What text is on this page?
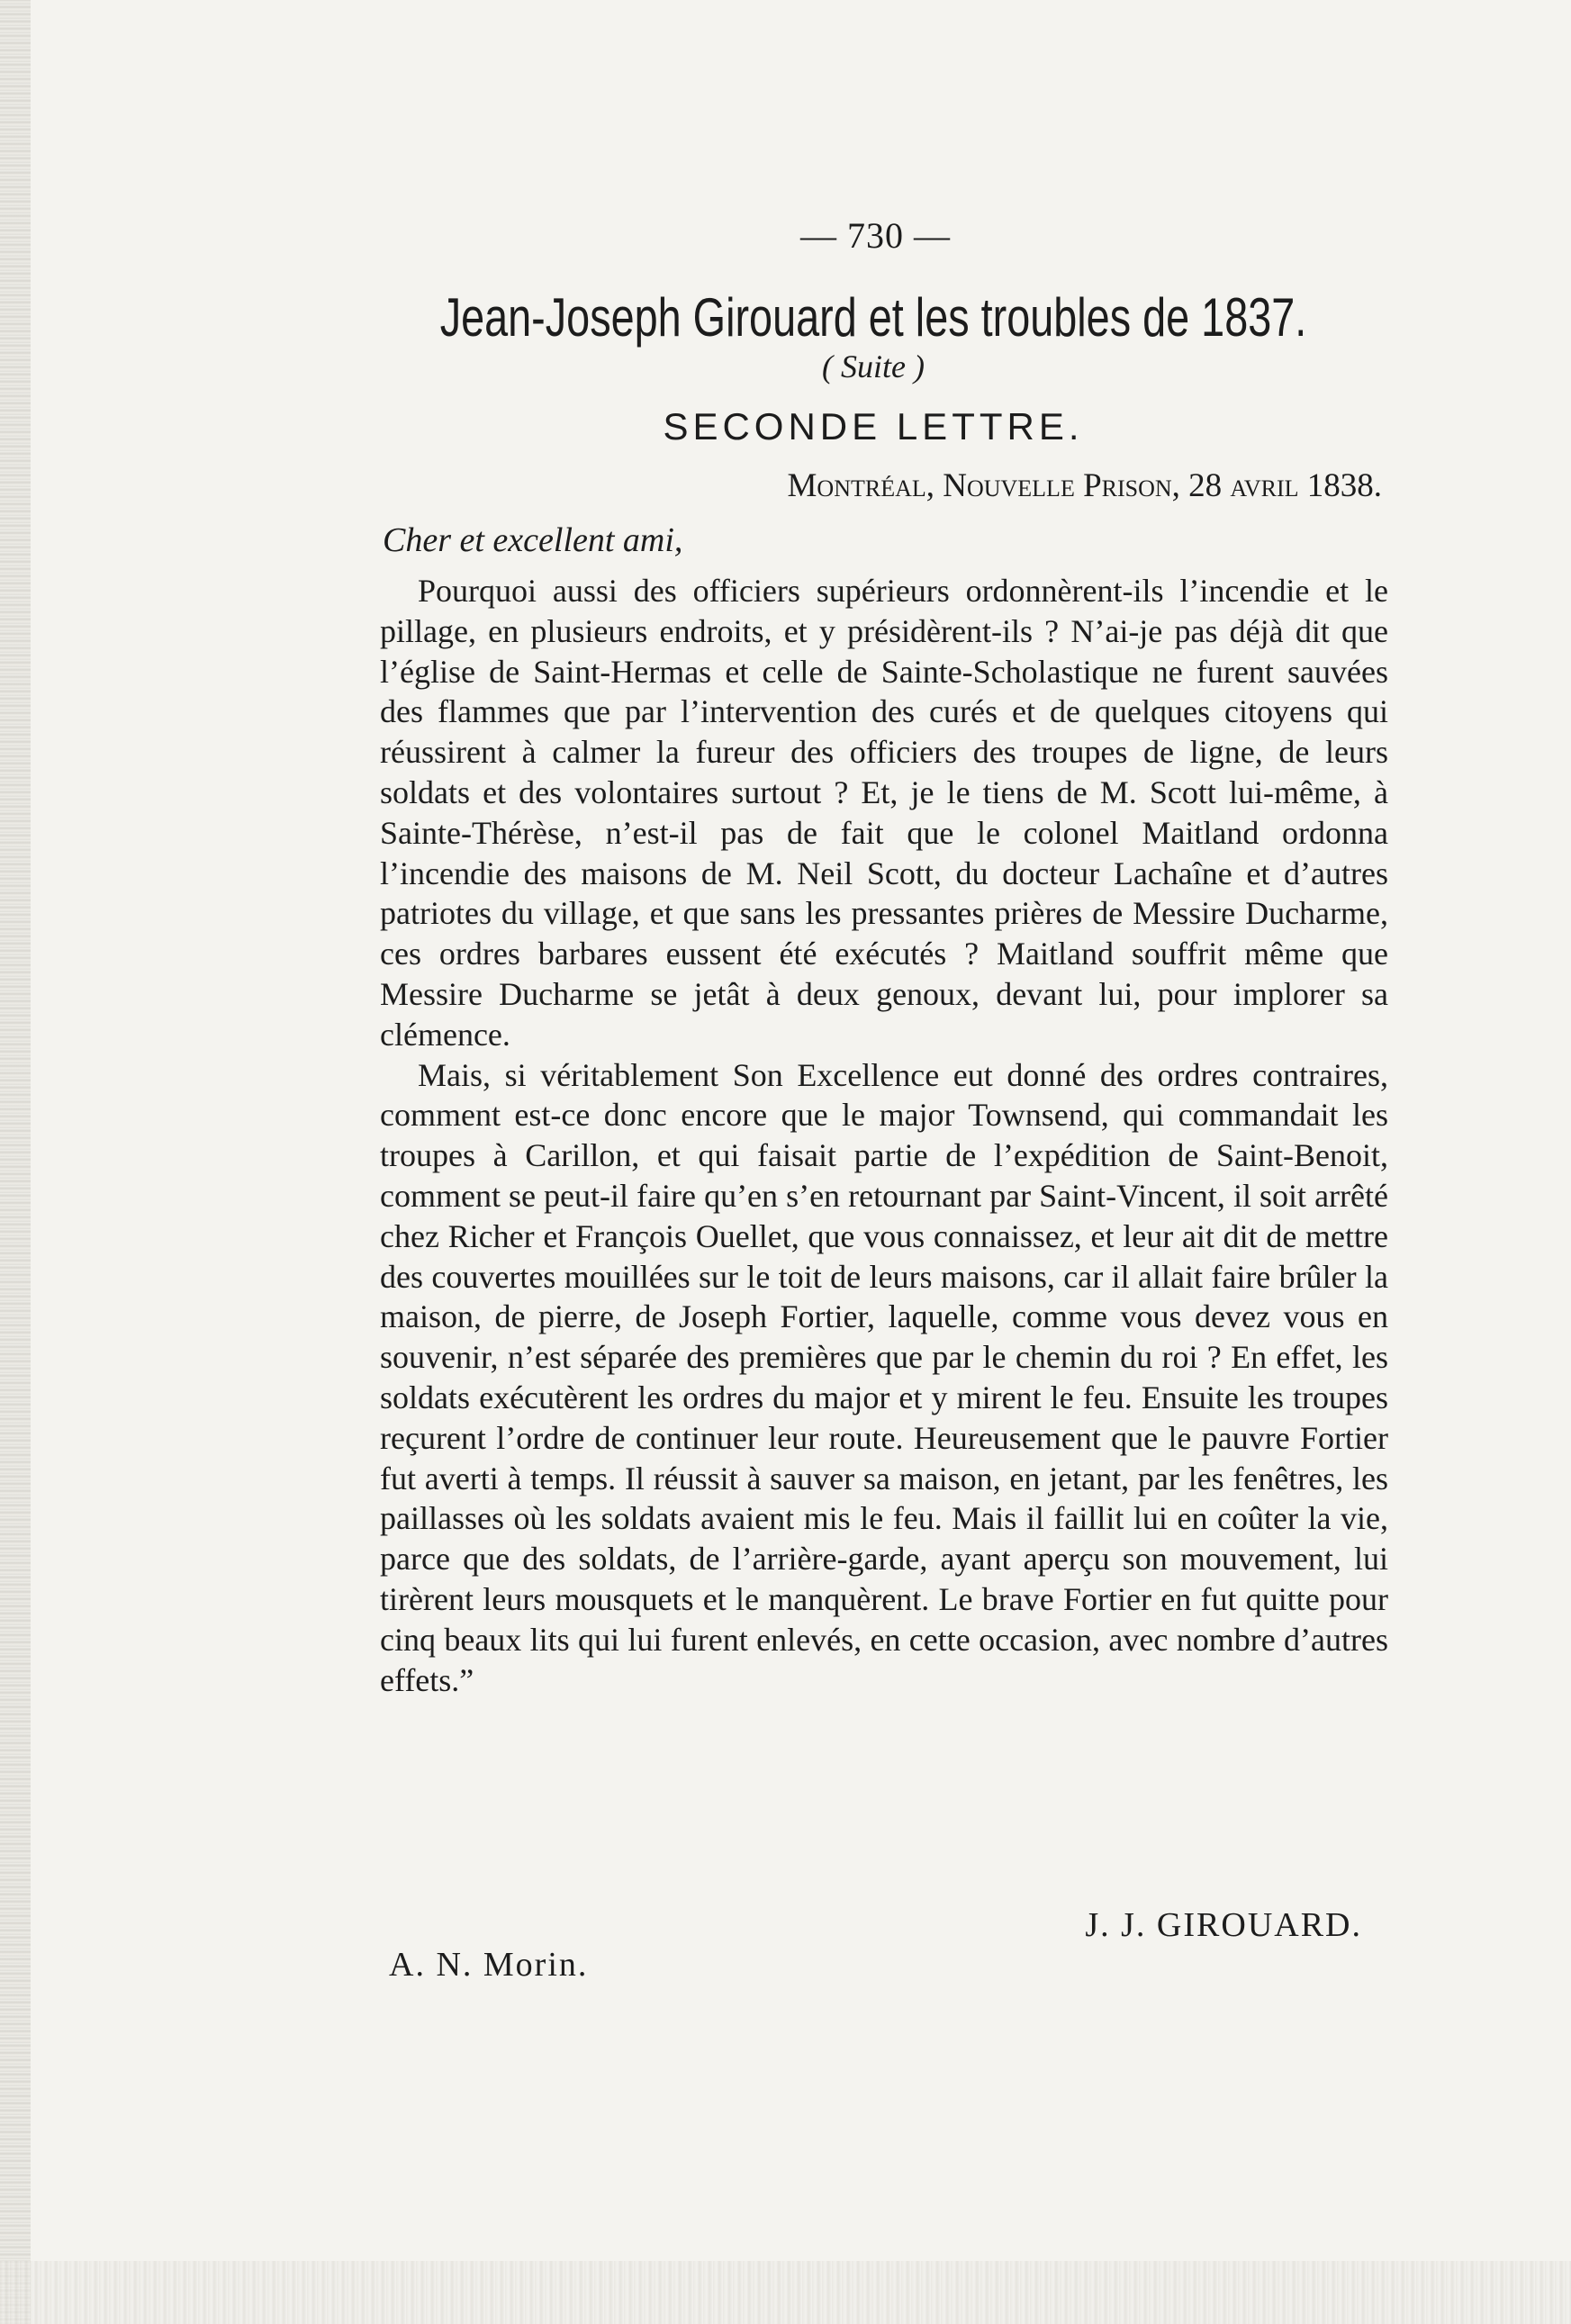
— 730 —
Jean-Joseph Girouard et les troubles de 1837.
( Suite )
SECONDE LETTRE.
Montréal, Nouvelle Prison, 28 avril 1838.
Cher et excellent ami,

Pourquoi aussi des officiers supérieurs ordonnèrent-ils l’incendie et le pillage, en plusieurs endroits, et y présidèrent-ils ? N’ai-je pas déjà dit que l’église de Saint-Hermas et celle de Sainte-Scholastique ne furent sauvées des flammes que par l’intervention des curés et de quelques citoyens qui réussirent à calmer la fureur des officiers des troupes de ligne, de leurs soldats et des volontaires surtout ? Et, je le tiens de M. Scott lui-même, à Sainte-Thérèse, n’est-il pas de fait que le colonel Maitland ordonna l’incendie des maisons de M. Neil Scott, du docteur Lachaîne et d’autres patriotes du village, et que sans les pressantes prières de Messire Ducharme, ces ordres barbares eussent été exécutés ? Maitland souffrit même que Messire Ducharme se jetât à deux genoux, devant lui, pour implorer sa clémence.

Mais, si véritablement Son Excellence eut donné des ordres contraires, comment est-ce donc encore que le major Townsend, qui commandait les troupes à Carillon, et qui faisait partie de l’expédition de Saint-Benoit, comment se peut-il faire qu’en s’en retournant par Saint-Vincent, il soit arrêté chez Richer et François Ouellet, que vous connaissez, et leur ait dit de mettre des couvertes mouillées sur le toit de leurs maisons, car il allait faire brûler la maison, de pierre, de Joseph Fortier, laquelle, comme vous devez vous en souvenir, n’est séparée des premières que par le chemin du roi ? En effet, les soldats exécutèrent les ordres du major et y mirent le feu. Ensuite les troupes reçurent l’ordre de continuer leur route. Heureusement que le pauvre Fortier fut averti à temps. Il réussit à sauver sa maison, en jetant, par les fenêtres, les paillasses où les soldats avaient mis le feu. Mais il faillit lui en coûter la vie, parce que des soldats, de l’arrière-garde, ayant aperçu son mouvement, lui tirèrent leurs mousquets et le manquèrent. Le brave Fortier en fut quitte pour cinq beaux lits qui lui furent enlevés, en cette occasion, avec nombre d’autres effets.”

J. J. GIROUARD.
A. N. Morin.
